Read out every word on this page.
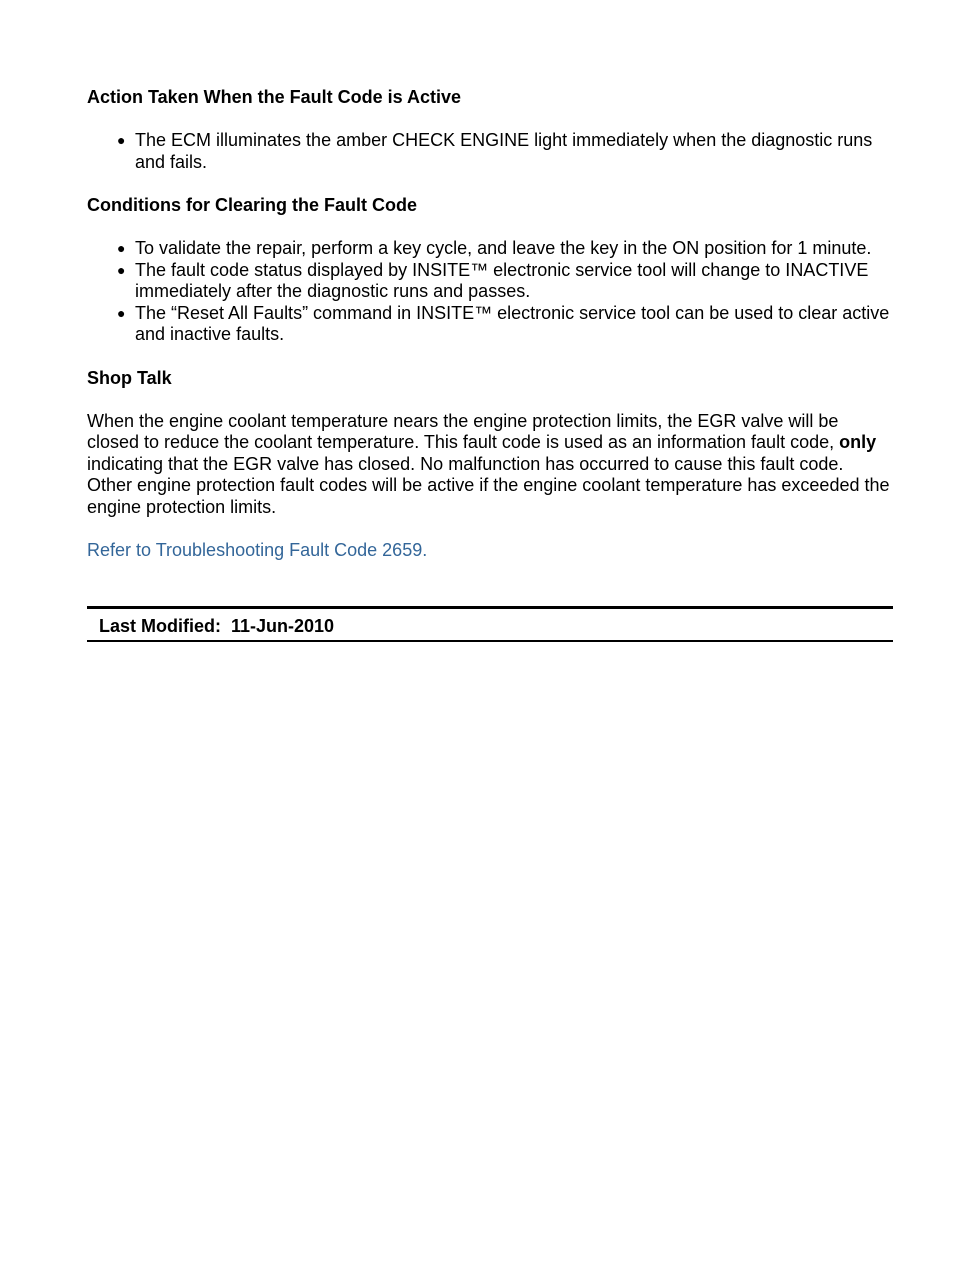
Action Taken When the Fault Code is Active

● The ECM illuminates the amber CHECK ENGINE light immediately when the diagnostic runs and fails.

Conditions for Clearing the Fault Code

● To validate the repair, perform a key cycle, and leave the key in the ON position for 1 minute.
● The fault code status displayed by INSITE™ electronic service tool will change to INACTIVE immediately after the diagnostic runs and passes.
● The “Reset All Faults” command in INSITE™ electronic service tool can be used to clear active and inactive faults.

Shop Talk

When the engine coolant temperature nears the engine protection limits, the EGR valve will be closed to reduce the coolant temperature. This fault code is used as an information fault code, only indicating that the EGR valve has closed. No malfunction has occurred to cause this fault code. Other engine protection fault codes will be active if the engine coolant temperature has exceeded the engine protection limits.

Refer to Troubleshooting Fault Code 2659.
Last Modified:  11-Jun-2010
